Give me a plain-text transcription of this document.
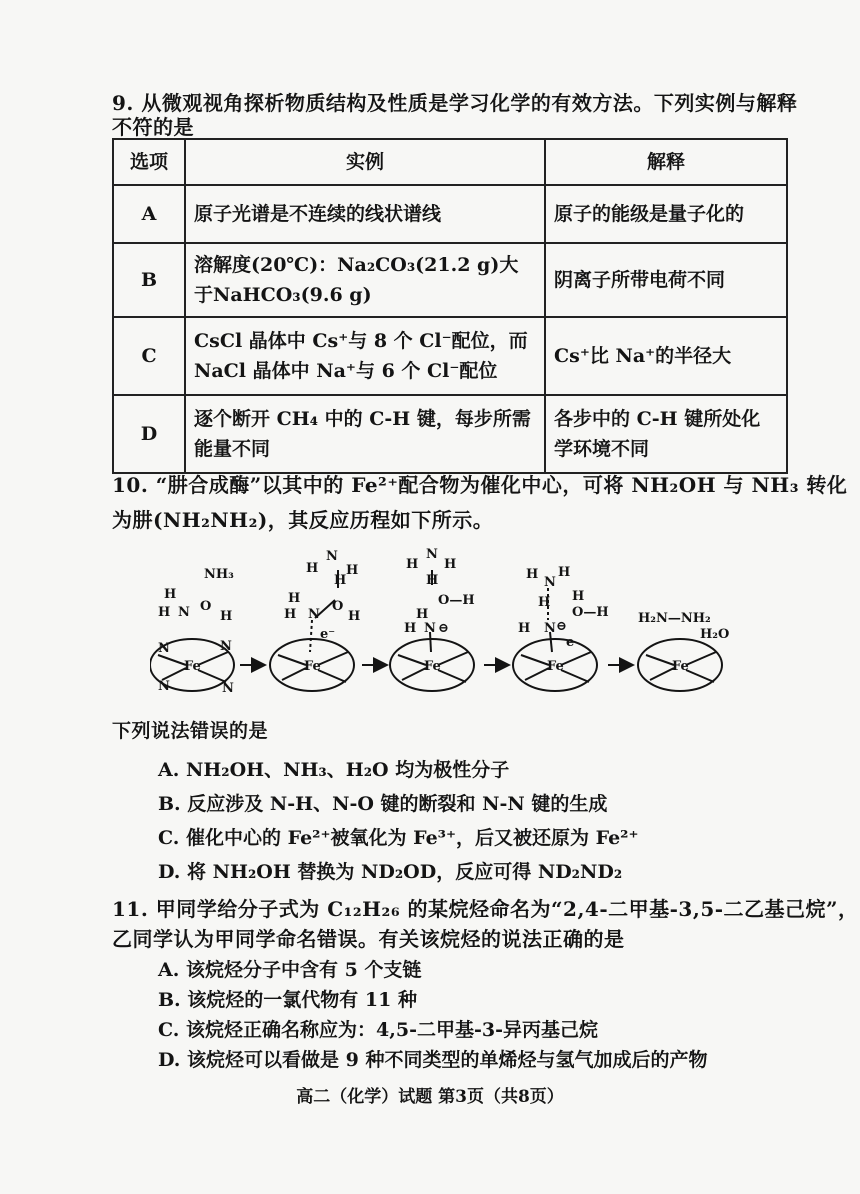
9. 从微观视角探析物质结构及性质是学习化学的有效方法。下列实例与解释
不符的是
选项	实例	解释
A	原子光谱是不连续的线状谱线	原子的能级是量子化的
B	溶解度(20℃)：Na₂CO₃(21.2 g)大于NaHCO₃(9.6 g)	阴离子所带电荷不同
C	CsCl 晶体中 Cs⁺与 8 个 Cl⁻配位，而 NaCl 晶体中 Na⁺与 6 个 Cl⁻配位	Cs⁺比 Na⁺的半径大
D	逐个断开 CH₄ 中的 C-H 键，每步所需能量不同	各步中的 C-H 键所处化学环境不同
10. “肼合成酶”以其中的 Fe²⁺配合物为催化中心，可将 NH₂OH 与 NH₃ 转化
为肼(NH₂NH₂)，其反应历程如下所示。
Fe
N	N
N	N
NH₃
H
H N O
H
Fe
H
N
H
H
H
H N
O
H
e⁻
Fe
H
N
H
H
O—H
H
H N ⊖
Fe
H
N
H
H H
O—H
H N ⊖
e
Fe
H₂N—NH₂
H₂O
下列说法错误的是
A. NH₂OH、NH₃、H₂O 均为极性分子
B. 反应涉及 N-H、N-O 键的断裂和 N-N 键的生成
C. 催化中心的 Fe²⁺被氧化为 Fe³⁺，后又被还原为 Fe²⁺
D. 将 NH₂OH 替换为 ND₂OD，反应可得 ND₂ND₂
11. 甲同学给分子式为 C₁₂H₂₆ 的某烷烃命名为“2,4-二甲基-3,5-二乙基己烷”，
乙同学认为甲同学命名错误。有关该烷烃的说法正确的是
A. 该烷烃分子中含有 5 个支链
B. 该烷烃的一氯代物有 11 种
C. 该烷烃正确名称应为：4,5-二甲基-3-异丙基己烷
D. 该烷烃可以看做是 9 种不同类型的单烯烃与氢气加成后的产物
高二（化学）试题 第3页（共8页）
